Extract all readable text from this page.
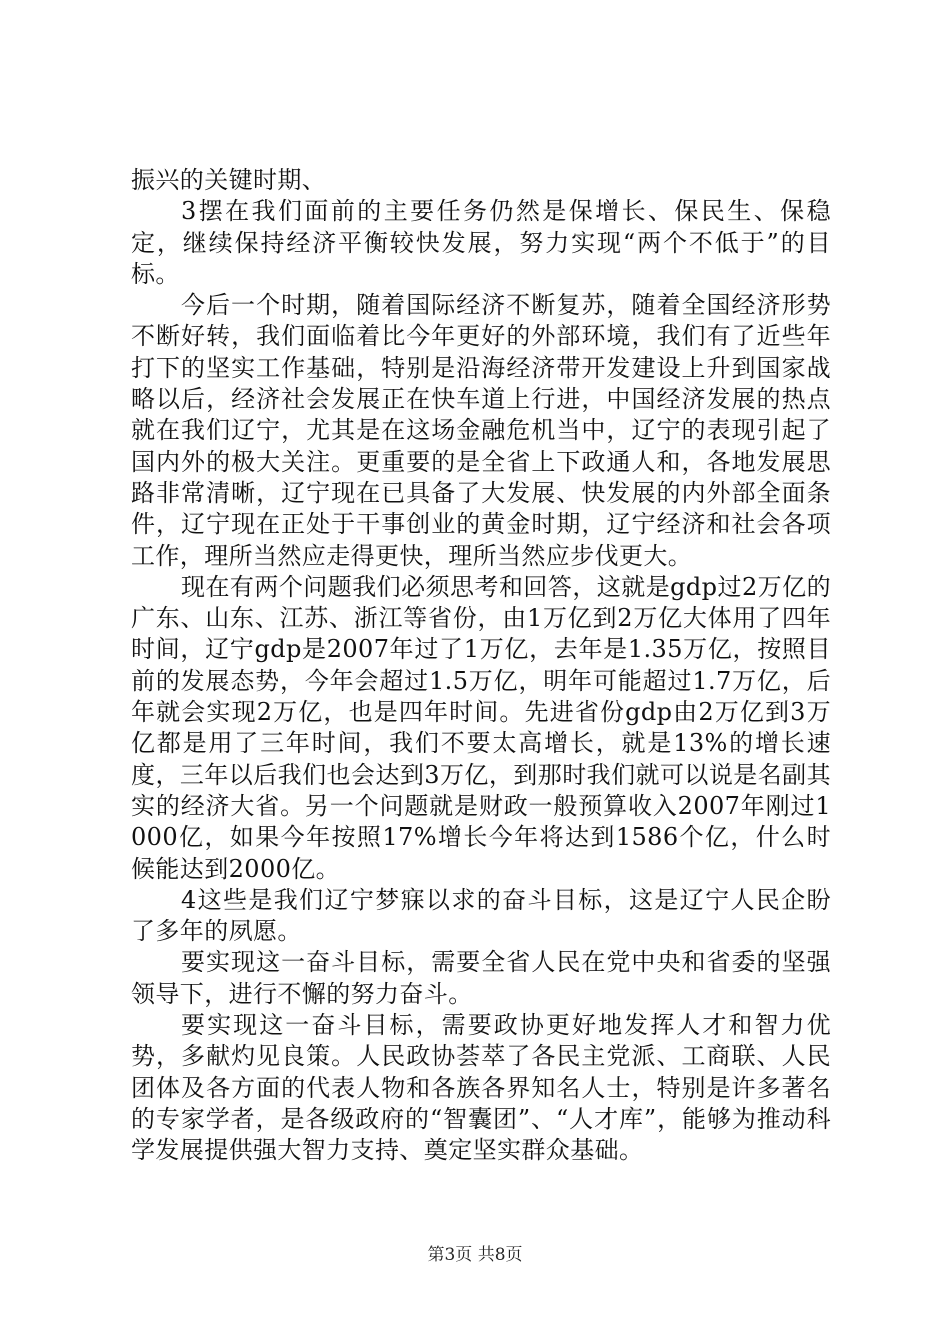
振兴的关键时期、

3摆在我们面前的主要任务仍然是保增长、保民生、保稳定，继续保持经济平衡较快发展，努力实现“两个不低于”的目标。

今后一个时期，随着国际经济不断复苏，随着全国经济形势不断好转，我们面临着比今年更好的外部环境，我们有了近些年打下的坚实工作基础，特别是沿海经济带开发建设上升到国家战略以后，经济社会发展正在快车道上行进，中国经济发展的热点就在我们辽宁，尤其是在这场金融危机当中，辽宁的表现引起了国内外的极大关注。更重要的是全省上下政通人和，各地发展思路非常清晰，辽宁现在已具备了大发展、快发展的内外部全面条件，辽宁现在正处于干事创业的黄金时期，辽宁经济和社会各项工作，理所当然应走得更快，理所当然应步伐更大。

现在有两个问题我们必须思考和回答，这就是gdp过2万亿的广东、山东、江苏、浙江等省份，由1万亿到2万亿大体用了四年时间，辽宁gdp是2007年过了1万亿，去年是1.35万亿，按照目前的发展态势，今年会超过1.5万亿，明年可能超过1.7万亿，后年就会实现2万亿，也是四年时间。先进省份gdp由2万亿到3万亿都是用了三年时间，我们不要太高增长，就是13%的增长速度，三年以后我们也会达到3万亿，到那时我们就可以说是名副其实的经济大省。另一个问题就是财政一般预算收入2007年刚过1000亿，如果今年按照17%增长今年将达到1586个亿，什么时候能达到2000亿。

4这些是我们辽宁梦寐以求的奋斗目标，这是辽宁人民企盼了多年的夙愿。

要实现这一奋斗目标，需要全省人民在党中央和省委的坚强领导下，进行不懈的努力奋斗。

要实现这一奋斗目标，需要政协更好地发挥人才和智力优势，多献灼见良策。人民政协荟萃了各民主党派、工商联、人民团体及各方面的代表人物和各族各界知名人士，特别是许多著名的专家学者，是各级政府的“智囊团”、“人才库”，能够为推动科学发展提供强大智力支持、奠定坚实群众基础。

第3页 共8页
